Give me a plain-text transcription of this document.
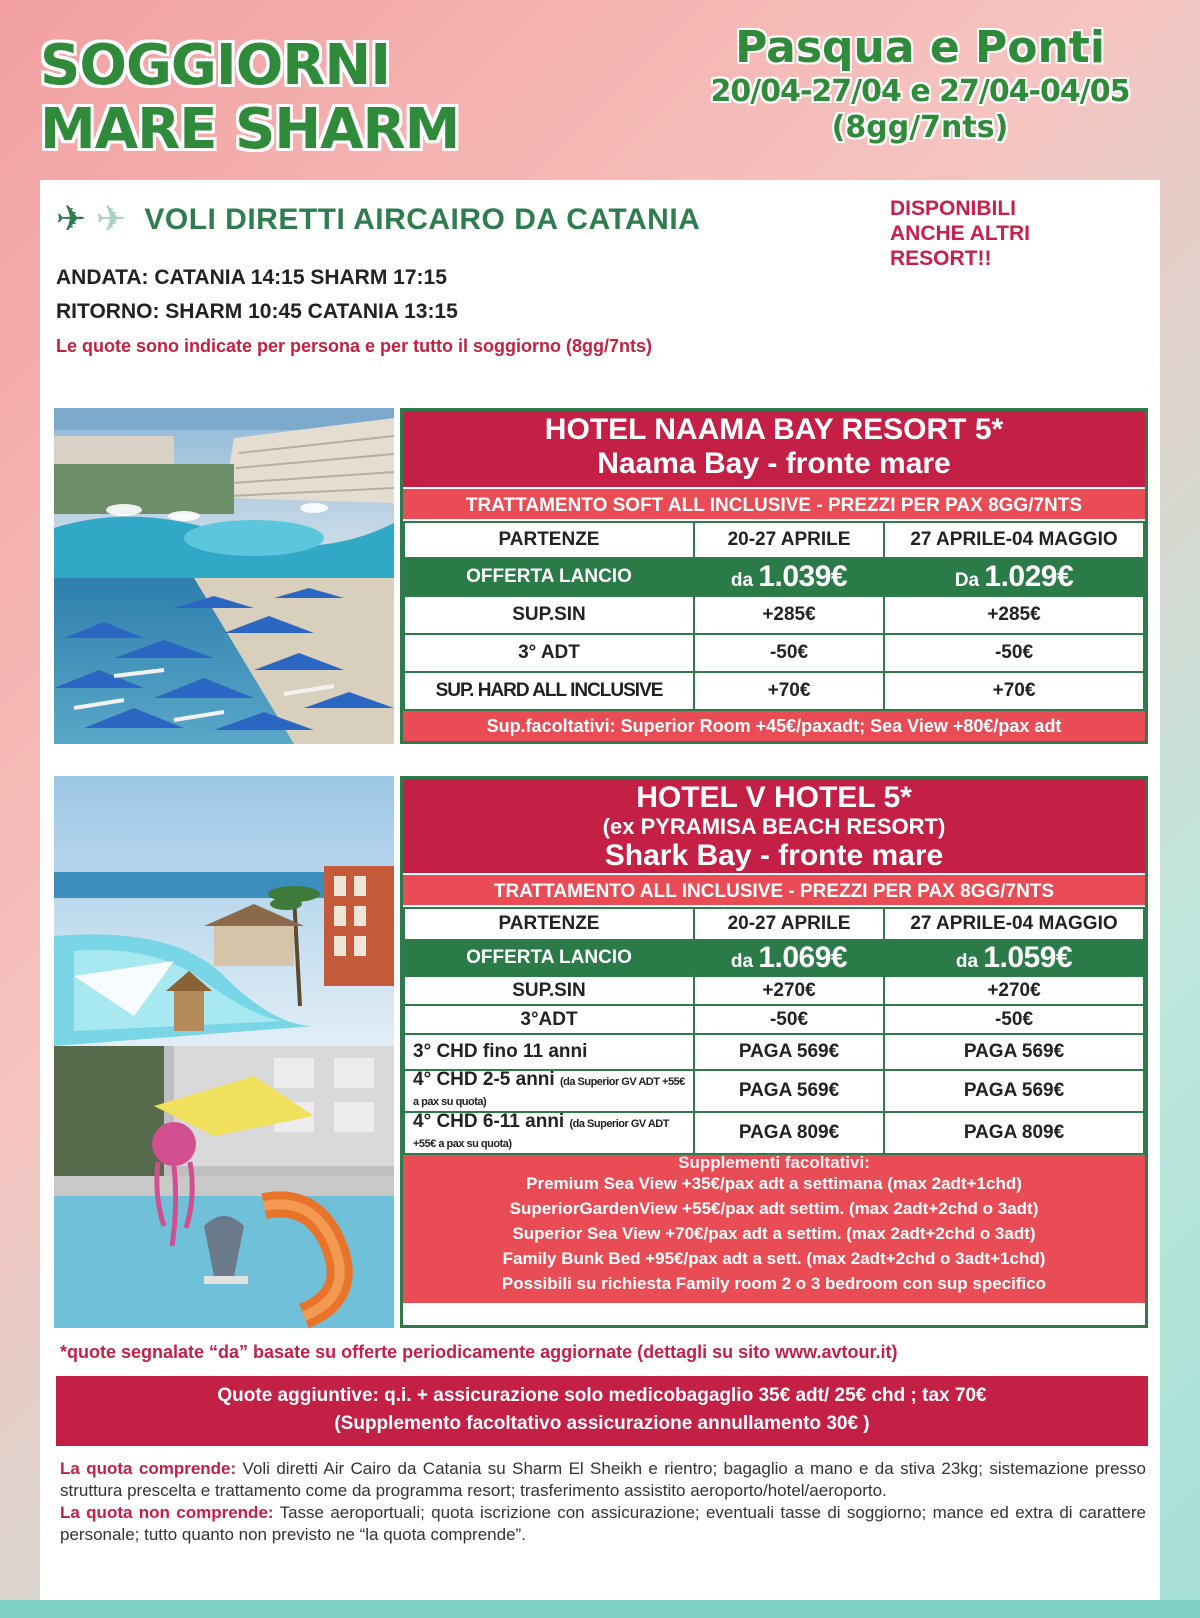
SOGGIORNI
MARE SHARM
Pasqua e Ponti
20/04-27/04 e 27/04-04/05
(8gg/7nts)
✈ ✈ VOLI DIRETTI AIRCAIRO DA CATANIA
ANDATA: CATANIA 14:15 SHARM 17:15
RITORNO: SHARM 10:45 CATANIA 13:15
Le quote sono indicate per persona e per tutto il soggiorno (8gg/7nts)
DISPONIBILI
ANCHE ALTRI
RESORT!!
HOTEL NAAMA BAY RESORT 5*
Naama Bay - fronte mare
TRATTAMENTO SOFT ALL INCLUSIVE - PREZZI PER PAX 8GG/7NTS
PARTENZE	20-27 APRILE	27 APRILE-04 MAGGIO
OFFERTA LANCIO	da 1.039€	Da 1.029€
SUP.SIN	+285€	+285€
3° ADT	-50€	-50€
SUP. HARD ALL INCLUSIVE	+70€	+70€
Sup.facoltativi: Superior Room +45€/paxadt; Sea View +80€/pax adt
HOTEL V HOTEL 5*
(ex PYRAMISA BEACH RESORT)
Shark Bay - fronte mare
TRATTAMENTO ALL INCLUSIVE - PREZZI PER PAX 8GG/7NTS
PARTENZE	20-27 APRILE	27 APRILE-04 MAGGIO
OFFERTA LANCIO	da 1.069€	da 1.059€
SUP.SIN	+270€	+270€
3°ADT	-50€	-50€
3° CHD fino 11 anni	PAGA 569€	PAGA 569€
4° CHD 2-5 anni (da Superior GV ADT +55€ a pax su quota)	PAGA 569€	PAGA 569€
4° CHD 6-11 anni (da Superior GV ADT +55€ a pax su quota)	PAGA 809€	PAGA 809€
Supplementi facoltativi:
Premium Sea View +35€/pax adt a settimana (max 2adt+1chd)
SuperiorGardenView +55€/pax adt settim. (max 2adt+2chd o 3adt)
Superior Sea View +70€/pax adt a settim. (max 2adt+2chd o 3adt)
Family Bunk Bed +95€/pax adt a sett. (max 2adt+2chd o 3adt+1chd)
Possibili su richiesta Family room 2 o 3 bedroom con sup specifico
*quote segnalate “da” basate su offerte periodicamente aggiornate (dettagli su sito www.avtour.it)
Quote aggiuntive: q.i. + assicurazione solo medicobagaglio 35€ adt/ 25€ chd ; tax 70€
(Supplemento facoltativo assicurazione annullamento 30€ )

La quota comprende: Voli diretti Air Cairo da Catania su Sharm El Sheikh e rientro; bagaglio a mano e da stiva 23kg; sistemazione presso struttura prescelta e trattamento come da programma resort; trasferimento assistito aeroporto/hotel/aeroporto.

La quota non comprende: Tasse aeroportuali; quota iscrizione con assicurazione; eventuali tasse di soggiorno; mance ed extra di carattere personale; tutto quanto non previsto ne “la quota comprende”.
